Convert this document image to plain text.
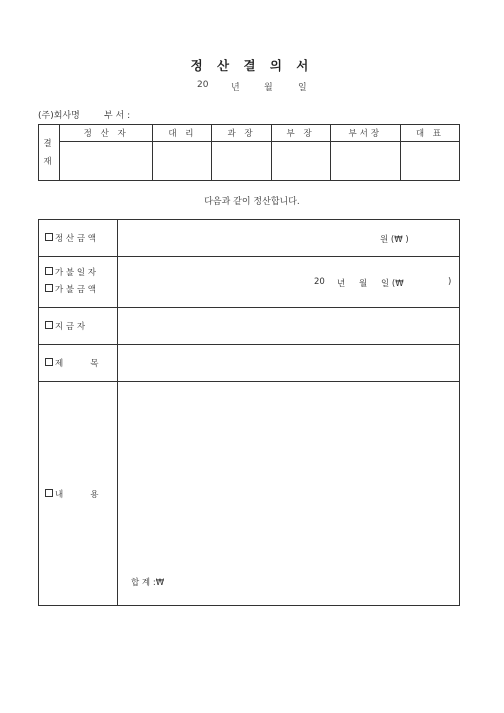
정 산 결 의 서
20	년	월	일
(주)회사명	부 서 :
결
재	정 산 자	대 리	과 장	부 장	부서장	대 표

다음과 같이 정산합니다.
정 산 금 액	원 (₩ )

가 불 일 자
가 불 금 액	20 년 월 일 (₩ )

지 금 자	
제          목	
내          용	합 계 :₩
